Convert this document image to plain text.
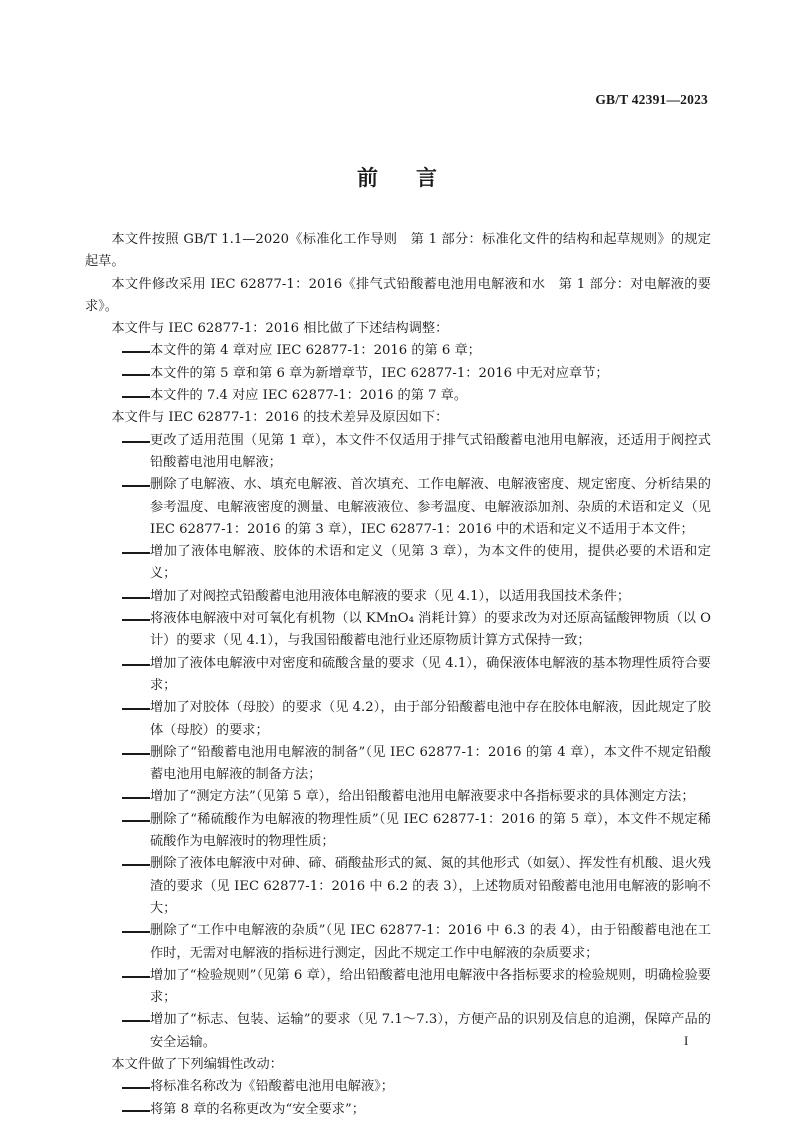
GB/T 42391—2023
前言

本文件按照 GB/T 1.1—2020《标准化工作导则　第 1 部分：标准化文件的结构和起草规则》的规定起草。

本文件修改采用 IEC 62877-1：2016《排气式铅酸蓄电池用电解液和水　第 1 部分：对电解液的要求》。

本文件与 IEC 62877-1：2016 相比做了下述结构调整：

本文件的第 4 章对应 IEC 62877-1：2016 的第 6 章；

本文件的第 5 章和第 6 章为新增章节，IEC 62877-1：2016 中无对应章节；

本文件的 7.4 对应 IEC 62877-1：2016 的第 7 章。

本文件与 IEC 62877-1：2016 的技术差异及原因如下：

更改了适用范围（见第 1 章），本文件不仅适用于排气式铅酸蓄电池用电解液，还适用于阀控式铅酸蓄电池用电解液；

删除了电解液、水、填充电解液、首次填充、工作电解液、电解液密度、规定密度、分析结果的参考温度、电解液密度的测量、电解液液位、参考温度、电解液添加剂、杂质的术语和定义（见 IEC 62877-1：2016 的第 3 章），IEC 62877-1：2016 中的术语和定义不适用于本文件；

增加了液体电解液、胶体的术语和定义（见第 3 章），为本文件的使用，提供必要的术语和定义；

增加了对阀控式铅酸蓄电池用液体电解液的要求（见 4.1），以适用我国技术条件；

将液体电解液中对可氧化有机物（以 KMnO₄ 消耗计算）的要求改为对还原高锰酸钾物质（以 O 计）的要求（见 4.1），与我国铅酸蓄电池行业还原物质计算方式保持一致；

增加了液体电解液中对密度和硫酸含量的要求（见 4.1），确保液体电解液的基本物理性质符合要求；

增加了对胶体（母胶）的要求（见 4.2），由于部分铅酸蓄电池中存在胶体电解液，因此规定了胶体（母胶）的要求；

删除了“铅酸蓄电池用电解液的制备”（见 IEC 62877-1：2016 的第 4 章），本文件不规定铅酸蓄电池用电解液的制备方法；

增加了“测定方法”（见第 5 章），给出铅酸蓄电池用电解液要求中各指标要求的具体测定方法；

删除了“稀硫酸作为电解液的物理性质”（见 IEC 62877-1：2016 的第 5 章），本文件不规定稀硫酸作为电解液时的物理性质；

删除了液体电解液中对砷、碲、硝酸盐形式的氮、氮的其他形式（如氨）、挥发性有机酸、退火残渣的要求（见 IEC 62877-1：2016 中 6.2 的表 3），上述物质对铅酸蓄电池用电解液的影响不大；

删除了“工作中电解液的杂质”（见 IEC 62877-1：2016 中 6.3 的表 4），由于铅酸蓄电池在工作时，无需对电解液的指标进行测定，因此不规定工作中电解液的杂质要求；

增加了“检验规则”（见第 6 章），给出铅酸蓄电池用电解液中各指标要求的检验规则，明确检验要求；

增加了“标志、包装、运输”的要求（见 7.1～7.3），方便产品的识别及信息的追溯，保障产品的安全运输。

本文件做了下列编辑性改动：

将标准名称改为《铅酸蓄电池用电解液》；

将第 8 章的名称更改为“安全要求”；

I
